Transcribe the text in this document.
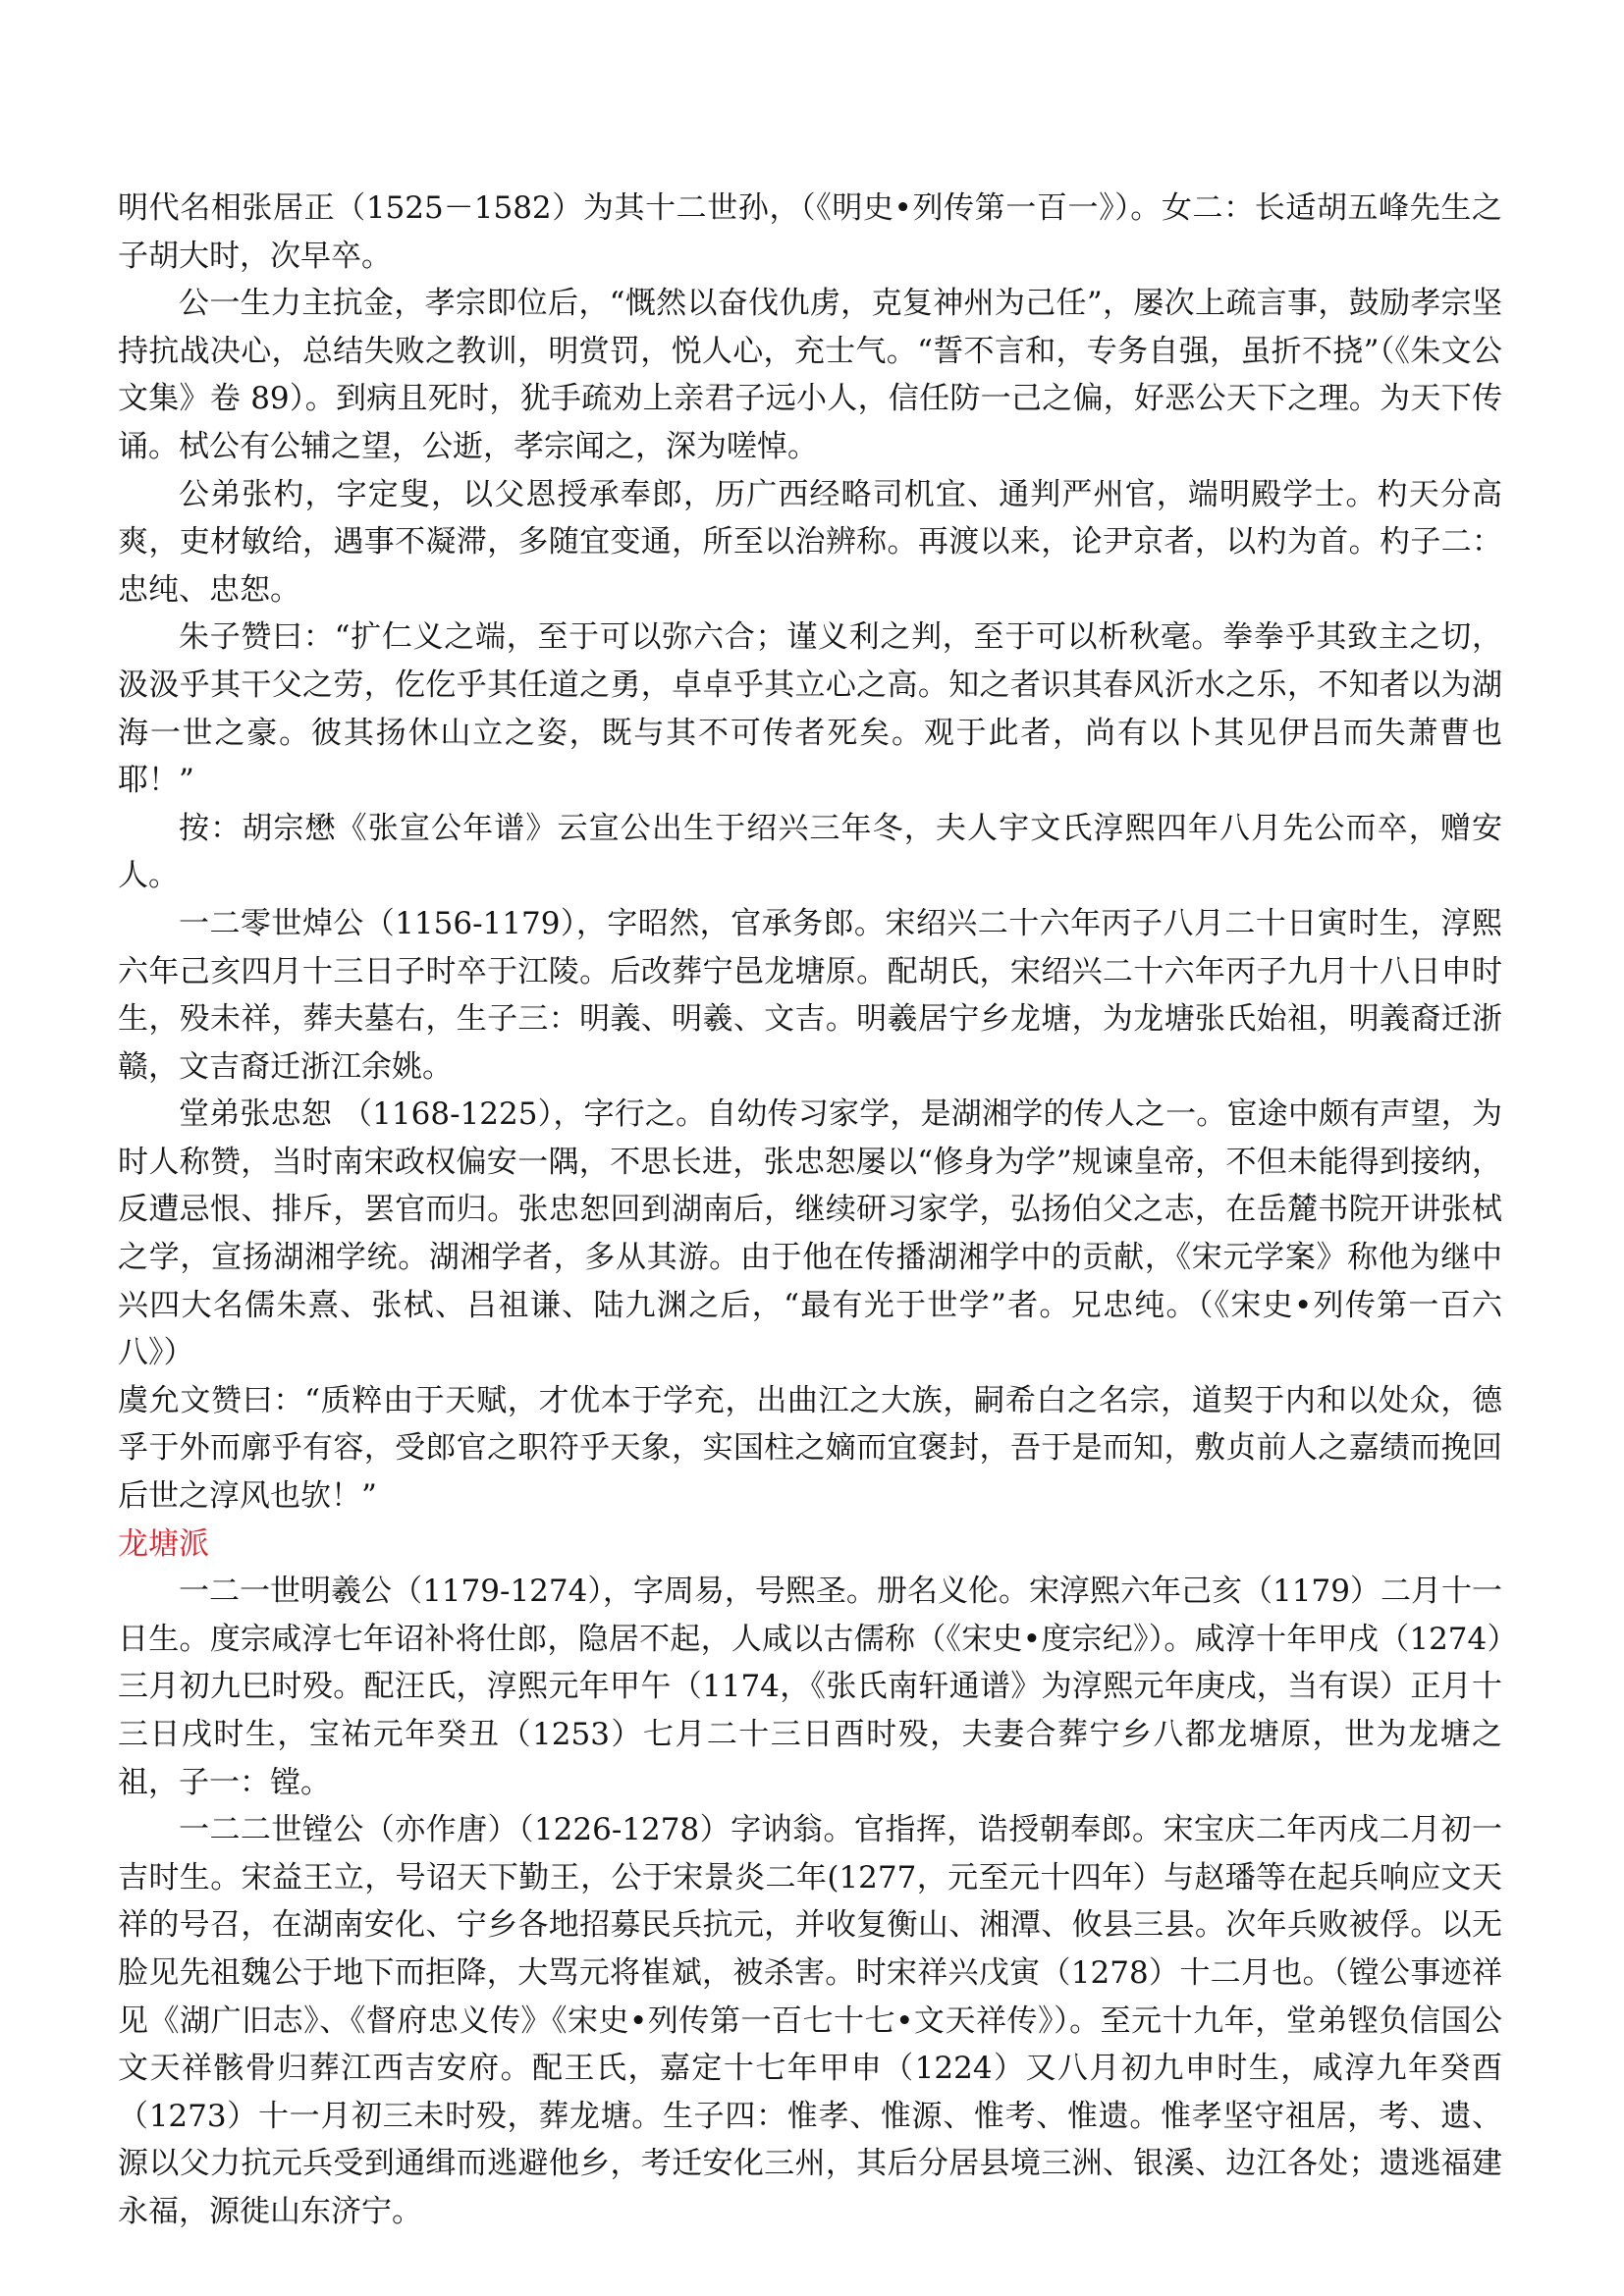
明代名相张居正（1525－1582）为其十二世孙，（《明史•列传第一百一》）。女二：长适胡五峰先生之子胡大时，次早卒。

公一生力主抗金，孝宗即位后，“慨然以奋伐仇虏，克复神州为己任”，屡次上疏言事，鼓励孝宗坚持抗战决心，总结失败之教训，明赏罚，悦人心，充士气。“誓不言和，专务自强，虽折不挠”（《朱文公文集》卷 89）。到病且死时，犹手疏劝上亲君子远小人，信任防一己之偏，好恶公天下之理。为天下传诵。栻公有公辅之望，公逝，孝宗闻之，深为嗟悼。

公弟张杓，字定叟，以父恩授承奉郎，历广西经略司机宜、通判严州官，端明殿学士。杓天分高爽，吏材敏给，遇事不凝滞，多随宜变通，所至以治辨称。再渡以来，论尹京者，以杓为首。杓子二：忠纯、忠恕。

朱子赞曰：“扩仁义之端，至于可以弥六合；谨义利之判，至于可以析秋毫。拳拳乎其致主之切，汲汲乎其干父之劳，仡仡乎其任道之勇，卓卓乎其立心之高。知之者识其春风沂水之乐，不知者以为湖海一世之豪。彼其扬休山立之姿，既与其不可传者死矣。观于此者，尚有以卜其见伊吕而失萧曹也耶！”

按：胡宗懋《张宣公年谱》云宣公出生于绍兴三年冬，夫人宇文氏淳熙四年八月先公而卒，赠安人。

一二零世焯公（1156-1179），字昭然，官承务郎。宋绍兴二十六年丙子八月二十日寅时生，淳熙六年己亥四月十三日子时卒于江陵。后改葬宁邑龙塘原。配胡氏，宋绍兴二十六年丙子九月十八日申时生，殁未祥，葬夫墓右，生子三：明義、明羲、文吉。明羲居宁乡龙塘，为龙塘张氏始祖，明義裔迁浙赣，文吉裔迁浙江余姚。

堂弟张忠恕 （1168-1225），字行之。自幼传习家学，是湖湘学的传人之一。宦途中颇有声望，为时人称赞，当时南宋政权偏安一隅，不思长进，张忠恕屡以“修身为学”规谏皇帝，不但未能得到接纳，反遭忌恨、排斥，罢官而归。张忠恕回到湖南后，继续研习家学，弘扬伯父之志，在岳麓书院开讲张栻之学，宣扬湖湘学统。湖湘学者，多从其游。由于他在传播湖湘学中的贡献，《宋元学案》称他为继中兴四大名儒朱熹、张栻、吕祖谦、陆九渊之后，“最有光于世学”者。兄忠纯。（《宋史•列传第一百六八》）

虞允文赞曰：“质粹由于天赋，才优本于学充，出曲江之大族，嗣希白之名宗，道契于内和以处众，德孚于外而廓乎有容，受郎官之职符乎天象，实国柱之嫡而宜褒封，吾于是而知，敷贞前人之嘉绩而挽回后世之淳风也欤！”

龙塘派

一二一世明羲公（1179-1274），字周易，号熙圣。册名义伦。宋淳熙六年己亥（1179）二月十一日生。度宗咸淳七年诏补将仕郎，隐居不起，人咸以古儒称（《宋史•度宗纪》）。咸淳十年甲戌（1274）三月初九巳时殁。配汪氏，淳熙元年甲午（1174，《张氏南轩通谱》为淳熙元年庚戌，当有误）正月十三日戌时生，宝祐元年癸丑（1253）七月二十三日酉时殁，夫妻合葬宁乡八都龙塘原，世为龙塘之祖，子一：镗。

一二二世镗公（亦作唐）（1226-1278）字讷翁。官指挥，诰授朝奉郎。宋宝庆二年丙戌二月初一吉时生。宋益王立，号诏天下勤王，公于宋景炎二年(1277，元至元十四年）与赵璠等在起兵响应文天祥的号召，在湖南安化、宁乡各地招募民兵抗元，并收复衡山、湘潭、攸县三县。次年兵败被俘。以无脸见先祖魏公于地下而拒降，大骂元将崔斌，被杀害。时宋祥兴戊寅（1278）十二月也。（镗公事迹祥见《湖广旧志》、《督府忠义传》《宋史•列传第一百七十七•文天祥传》）。至元十九年，堂弟铿负信国公文天祥骸骨归葬江西吉安府。配王氏，嘉定十七年甲申（1224）又八月初九申时生，咸淳九年癸酉（1273）十一月初三未时殁，葬龙塘。生子四：惟孝、惟源、惟考、惟遗。惟孝坚守祖居，考、遗、源以父力抗元兵受到通缉而逃避他乡，考迁安化三州，其后分居县境三洲、银溪、边江各处；遗逃福建永福，源徙山东济宁。
